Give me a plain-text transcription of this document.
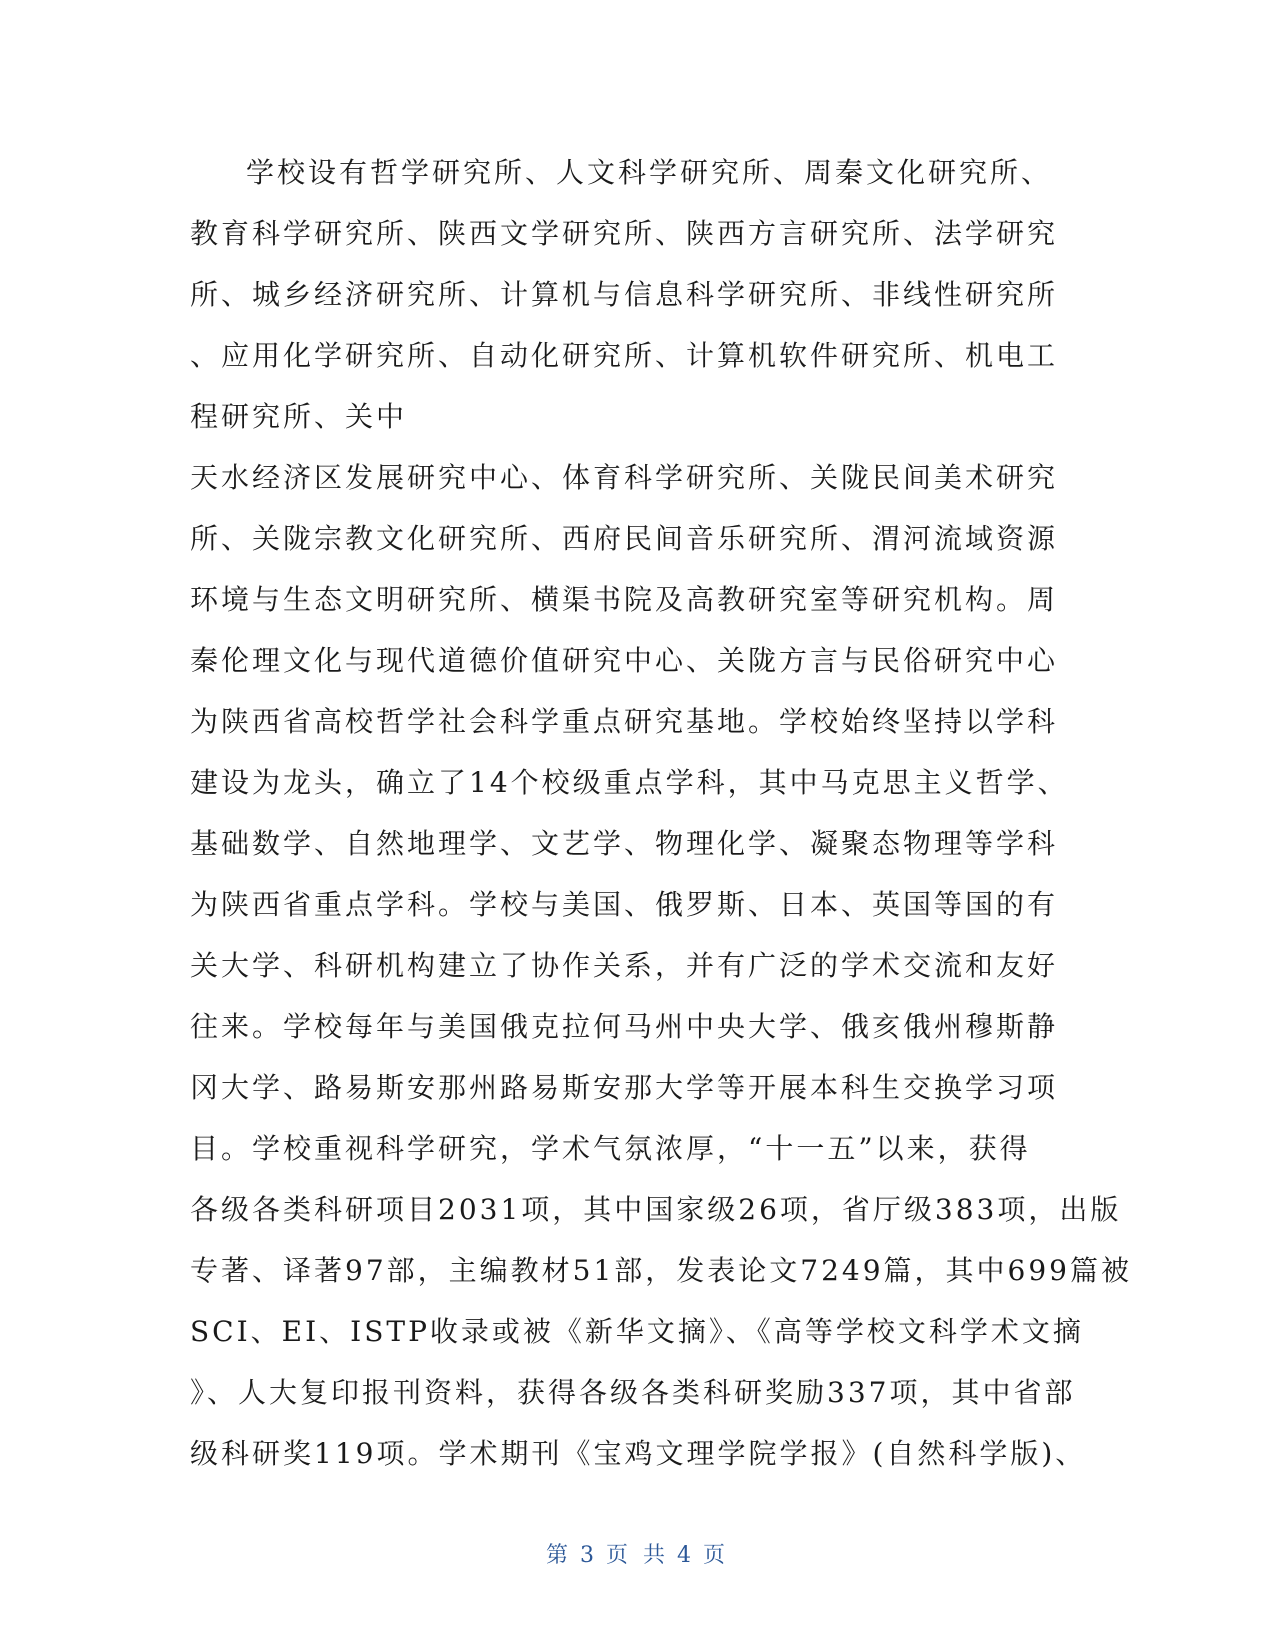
学校设有哲学研究所、人文科学研究所、周秦文化研究所、
教育科学研究所、陕西文学研究所、陕西方言研究所、法学研究
所、城乡经济研究所、计算机与信息科学研究所、非线性研究所
、应用化学研究所、自动化研究所、计算机软件研究所、机电工
程研究所、关中
天水经济区发展研究中心、体育科学研究所、关陇民间美术研究
所、关陇宗教文化研究所、西府民间音乐研究所、渭河流域资源
环境与生态文明研究所、横渠书院及高教研究室等研究机构。周
秦伦理文化与现代道德价值研究中心、关陇方言与民俗研究中心
为陕西省高校哲学社会科学重点研究基地。学校始终坚持以学科
建设为龙头，确立了14个校级重点学科，其中马克思主义哲学、
基础数学、自然地理学、文艺学、物理化学、凝聚态物理等学科
为陕西省重点学科。学校与美国、俄罗斯、日本、英国等国的有
关大学、科研机构建立了协作关系，并有广泛的学术交流和友好
往来。学校每年与美国俄克拉何马州中央大学、俄亥俄州穆斯静
冈大学、路易斯安那州路易斯安那大学等开展本科生交换学习项
目。学校重视科学研究，学术气氛浓厚，“十一五”以来，获得
各级各类科研项目2031项，其中国家级26项，省厅级383项，出版
专著、译著97部，主编教材51部，发表论文7249篇，其中699篇被
SCI、EI、ISTP收录或被《新华文摘》、《高等学校文科学术文摘
》、人大复印报刊资料，获得各级各类科研奖励337项，其中省部
级科研奖119项。学术期刊《宝鸡文理学院学报》(自然科学版)、
第 3 页 共 4 页
